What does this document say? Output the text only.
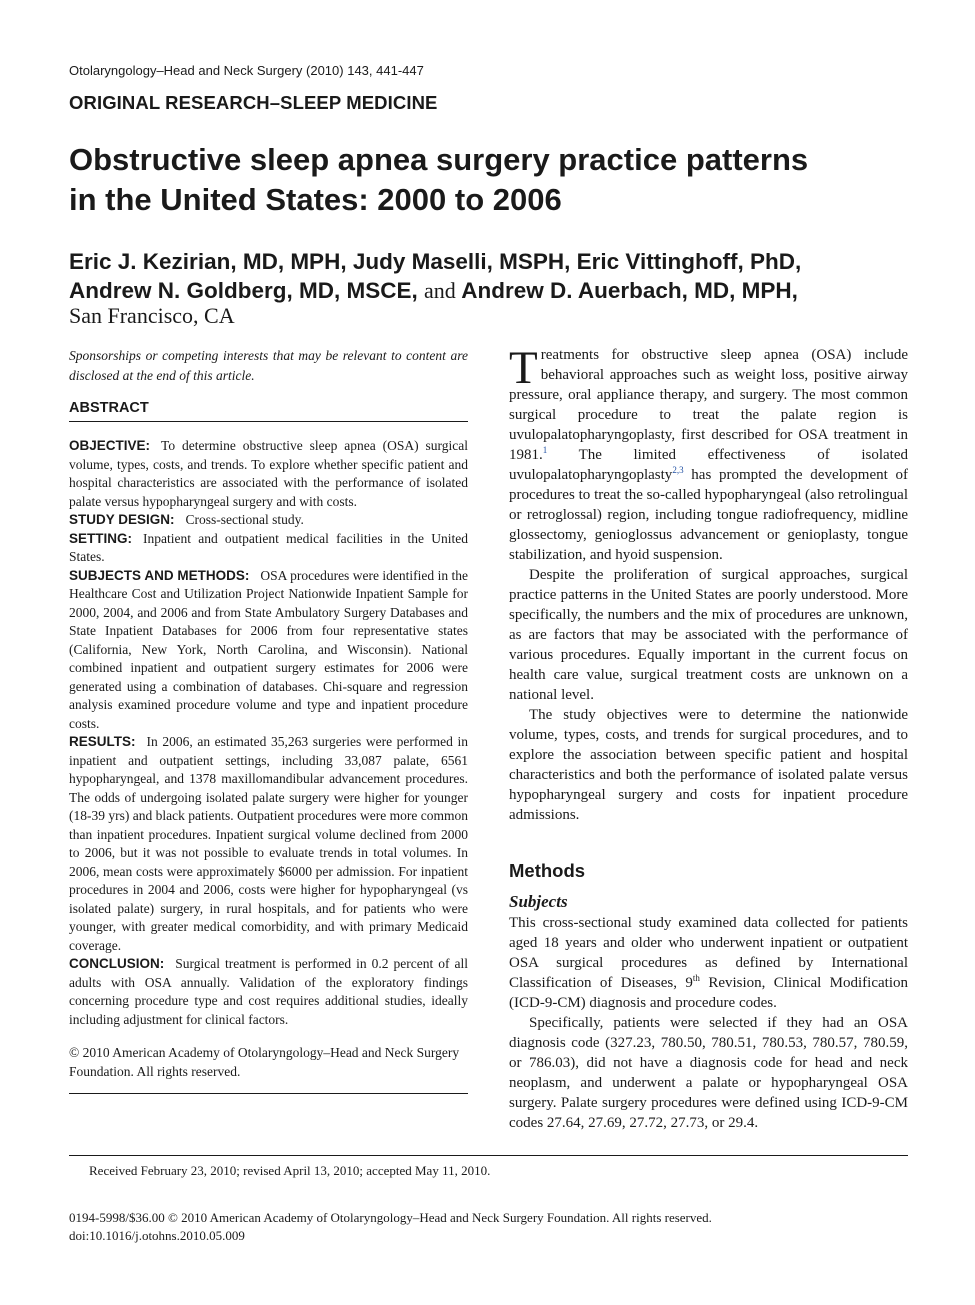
Otolaryngology–Head and Neck Surgery (2010) 143, 441-447
ORIGINAL RESEARCH–SLEEP MEDICINE
Obstructive sleep apnea surgery practice patterns
in the United States: 2000 to 2006
Eric J. Kezirian, MD, MPH, Judy Maselli, MSPH, Eric Vittinghoff, PhD,
Andrew N. Goldberg, MD, MSCE, and Andrew D. Auerbach, MD, MPH,
San Francisco, CA

Sponsorships or competing interests that may be relevant to content are disclosed at the end of this article.

ABSTRACT

OBJECTIVE: To determine obstructive sleep apnea (OSA) surgical volume, types, costs, and trends. To explore whether specific patient and hospital characteristics are associated with the performance of isolated palate versus hypopharyngeal surgery and with costs.

STUDY DESIGN: Cross-sectional study.

SETTING: Inpatient and outpatient medical facilities in the United States.

SUBJECTS AND METHODS: OSA procedures were identified in the Healthcare Cost and Utilization Project Nationwide Inpatient Sample for 2000, 2004, and 2006 and from State Ambulatory Surgery Databases and State Inpatient Databases for 2006 from four representative states (California, New York, North Carolina, and Wisconsin). National combined inpatient and outpatient surgery estimates for 2006 were generated using a combination of databases. Chi-square and regression analysis examined procedure volume and type and inpatient procedure costs.

RESULTS: In 2006, an estimated 35,263 surgeries were performed in inpatient and outpatient settings, including 33,087 palate, 6561 hypopharyngeal, and 1378 maxillomandibular advancement procedures. The odds of undergoing isolated palate surgery were higher for younger (18-39 yrs) and black patients. Outpatient procedures were more common than inpatient procedures. Inpatient surgical volume declined from 2000 to 2006, but it was not possible to evaluate trends in total volumes. In 2006, mean costs were approximately $6000 per admission. For inpatient procedures in 2004 and 2006, costs were higher for hypopharyngeal (vs isolated palate) surgery, in rural hospitals, and for patients who were younger, with greater medical comorbidity, and with primary Medicaid coverage.

CONCLUSION: Surgical treatment is performed in 0.2 percent of all adults with OSA annually. Validation of the exploratory findings concerning procedure type and cost requires additional studies, ideally including adjustment for clinical factors.

© 2010 American Academy of Otolaryngology–Head and Neck Surgery Foundation. All rights reserved.

Treatments for obstructive sleep apnea (OSA) include behavioral approaches such as weight loss, positive airway pressure, oral appliance therapy, and surgery. The most common surgical procedure to treat the palate region is uvulopalatopharyngoplasty, first described for OSA treatment in 1981.$^1$ The limited effectiveness of isolated uvulopalatopharyngoplasty$^{2,3}$ has prompted the development of procedures to treat the so-called hypopharyngeal (also retrolingual or retroglossal) region, including tongue radiofrequency, midline glossectomy, genioglossus advancement or genioplasty, tongue stabilization, and hyoid suspension.

Despite the proliferation of surgical approaches, surgical practice patterns in the United States are poorly understood. More specifically, the numbers and the mix of procedures are unknown, as are factors that may be associated with the performance of various procedures. Equally important in the current focus on health care value, surgical treatment costs are unknown on a national level.

The study objectives were to determine the nationwide volume, types, costs, and trends for surgical procedures, and to explore the association between specific patient and hospital characteristics and both the performance of isolated palate versus hypopharyngeal surgery and costs for inpatient procedure admissions.

Methods
Subjects

This cross-sectional study examined data collected for patients aged 18 years and older who underwent inpatient or outpatient OSA surgical procedures as defined by International Classification of Diseases, 9th Revision, Clinical Modification (ICD-9-CM) diagnosis and procedure codes.

Specifically, patients were selected if they had an OSA diagnosis code (327.23, 780.50, 780.51, 780.53, 780.57, 780.59, or 786.03), did not have a diagnosis code for head and neck neoplasm, and underwent a palate or hypopharyngeal OSA surgery. Palate surgery procedures were defined using ICD-9-CM codes 27.64, 27.69, 27.72, 27.73, or 29.4.

Received February 23, 2010; revised April 13, 2010; accepted May 11, 2010.
0194-5998/$36.00 © 2010 American Academy of Otolaryngology–Head and Neck Surgery Foundation. All rights reserved.
doi:10.1016/j.otohns.2010.05.009
